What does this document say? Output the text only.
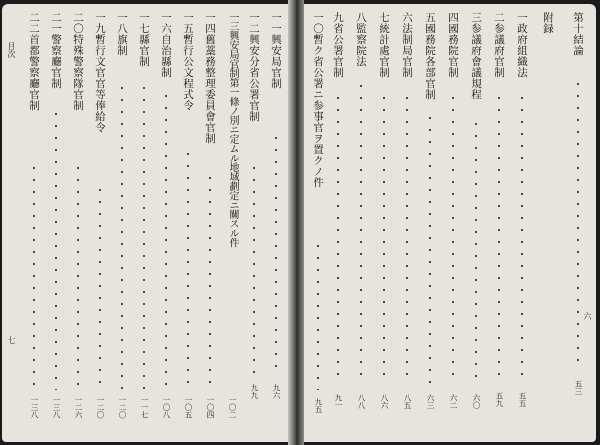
目次
七
六
第十結論
五三
附録
一政府組織法
五五
二参議府官制
五九
三参議府會議規程
六〇
四國務院官制
六二
五國務院各部官制
六三
六法制局官制
八五
七統計處官制
八六
八監察院法
八八
九省公署官制
九一
一〇暫ク省公署ニ参事官ヲ置クノ件
九五
一一興安局官制
九六
一二興安分省公署官制
九九
一三興安局官制第一條ノ別ニ定ムル地域劃定ニ關スル件
一〇二
一四舊藁務整理委員會官制
一〇四
一五暫行公文程式令
一〇五
一六自治縣制
一〇八
一七縣官制
一一七
一八旗制
一二〇
一九暫行文官官等俸給令
一二〇
二〇特殊警察隊官制
一二六
二一警察廳官制
一三八
二二首都警察廳官制
一三八
